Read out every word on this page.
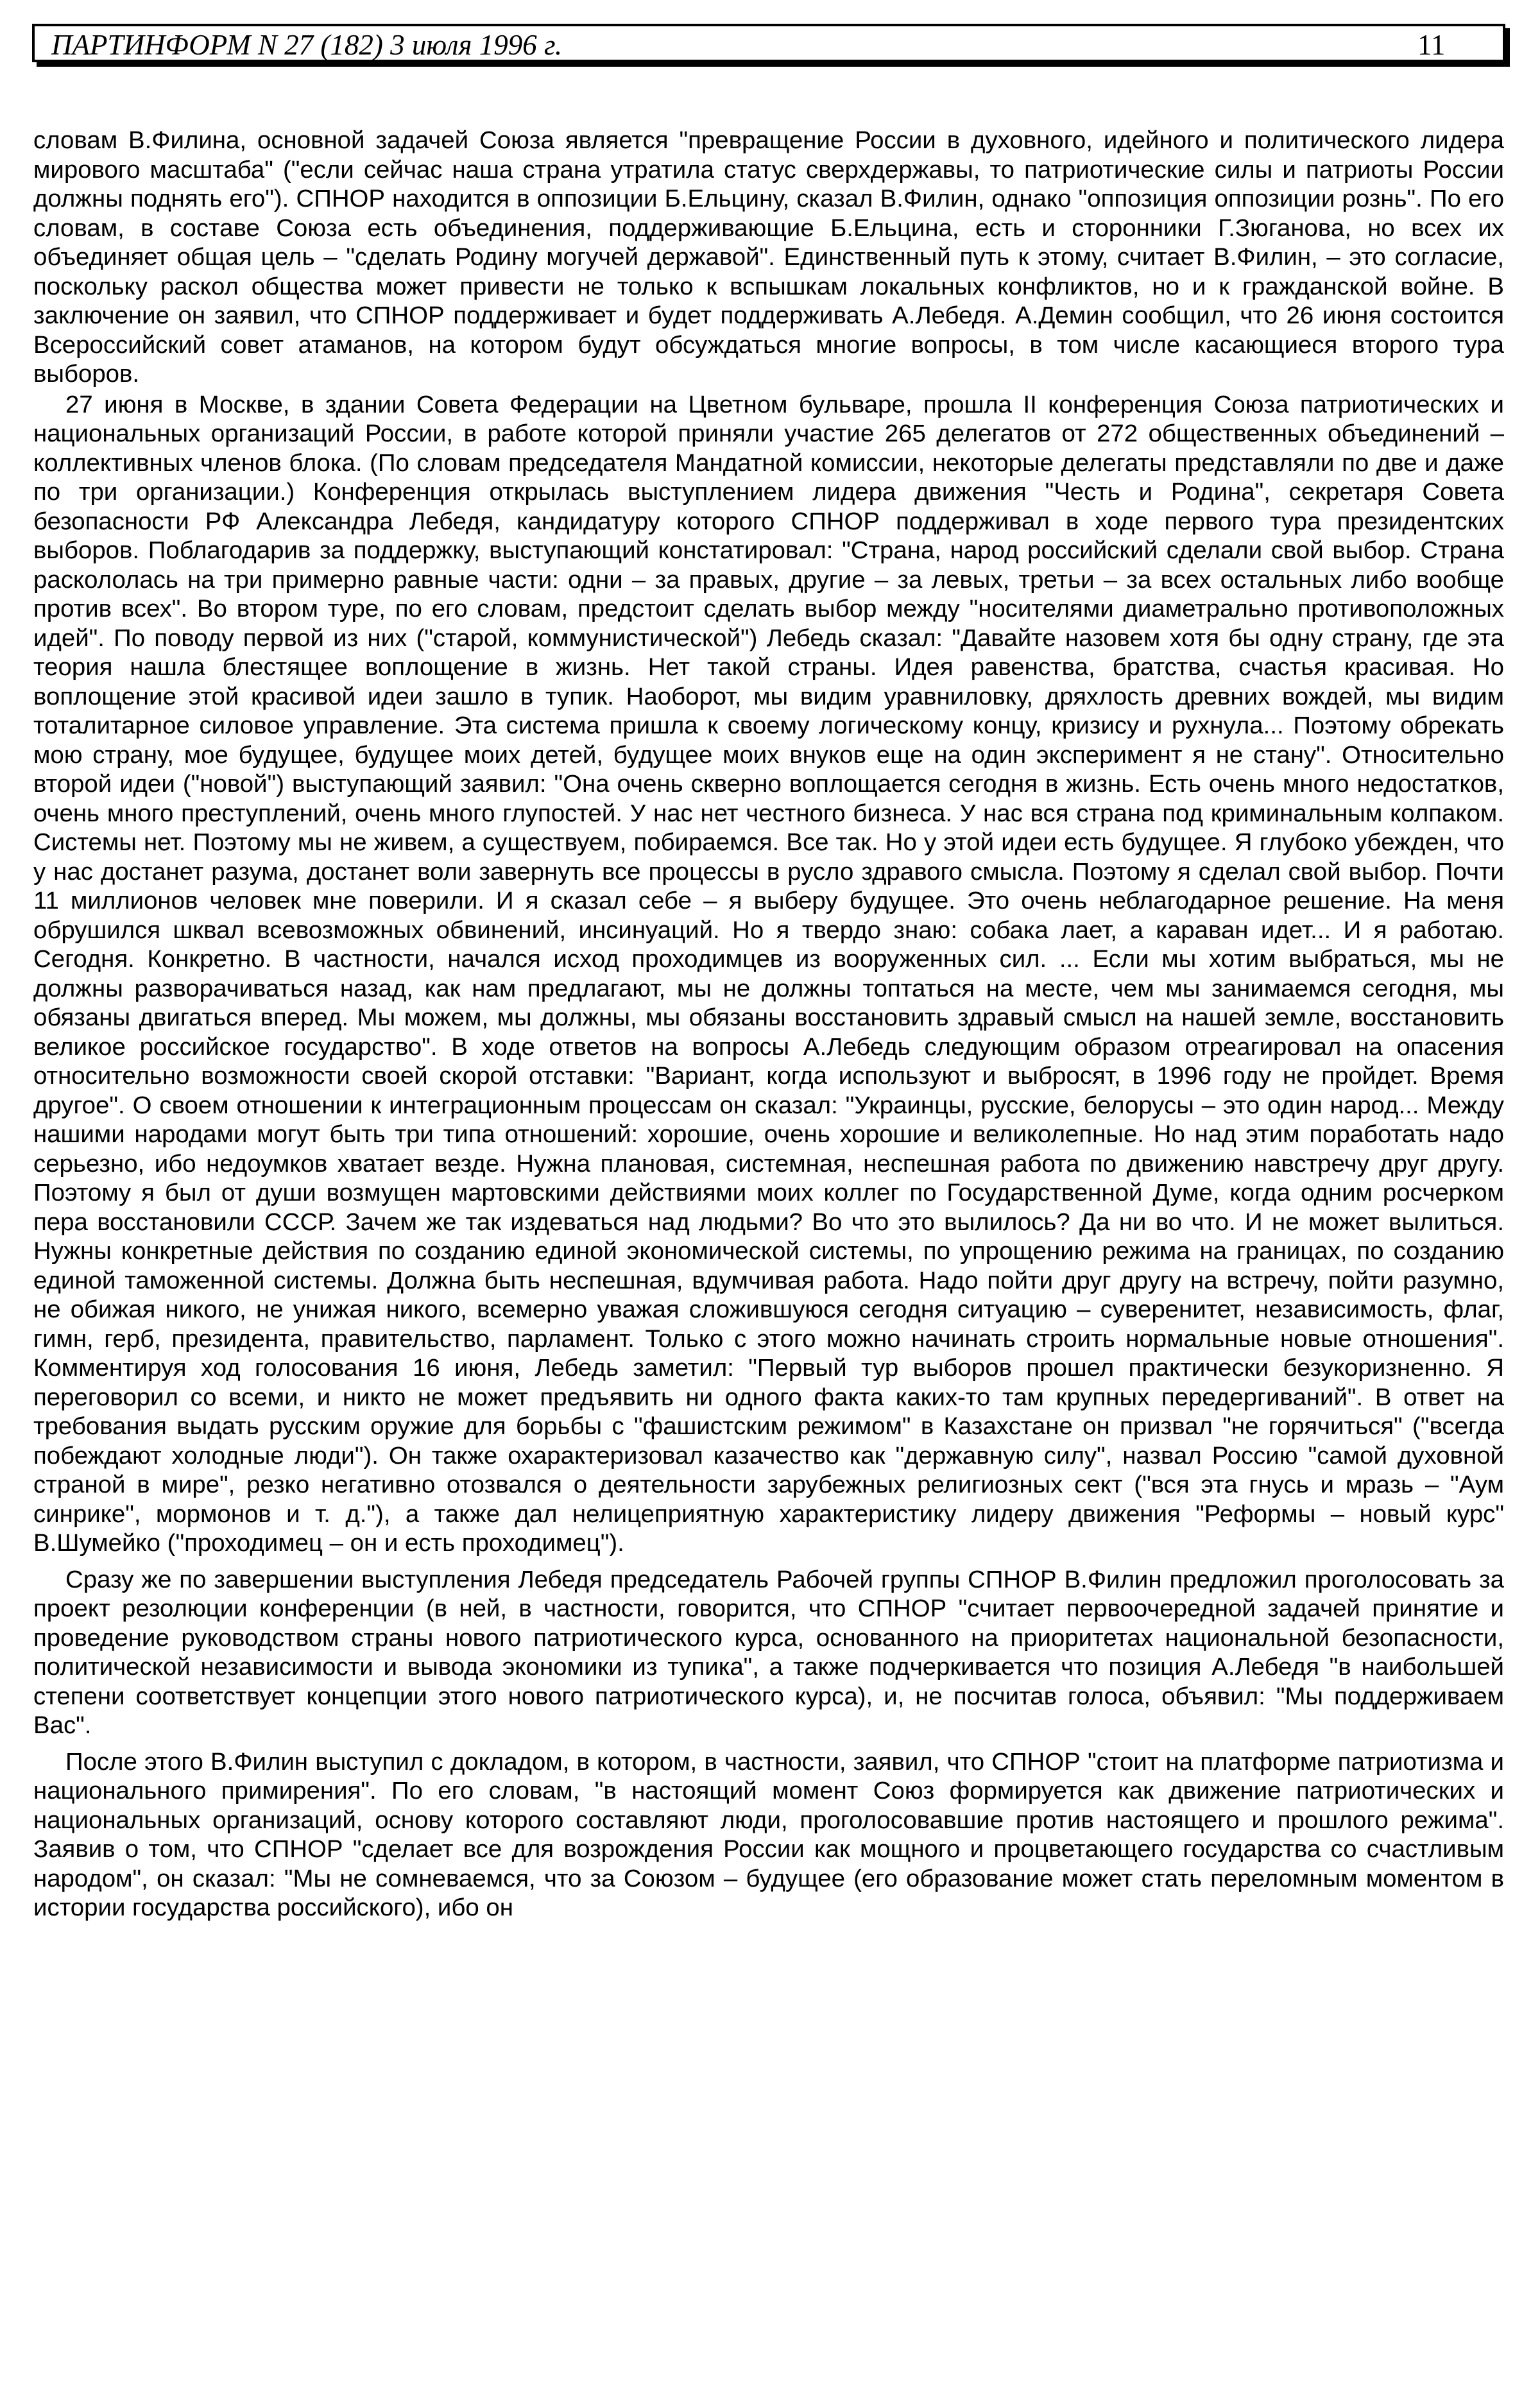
ПАРТИНФОРМ N 27 (182) 3 июля 1996 г.	11

словам В.Филина, основной задачей Союза является "превращение России в духовного, идейного и политического лидера мирового масштаба" ("если сейчас наша страна утратила статус сверхдержавы, то патриотические силы и патриоты России должны поднять его"). СПНОР находится в оппозиции Б.Ельцину, сказал В.Филин, однако "оппозиция оппозиции рознь". По его словам, в составе Союза есть объединения, поддерживающие Б.Ельцина, есть и сторонники Г.Зюганова, но всех их объединяет общая цель – "сделать Родину могучей державой". Единственный путь к этому, считает В.Филин, – это согласие, поскольку раскол общества может привести не только к вспышкам локальных конфликтов, но и к гражданской войне. В заключение он заявил, что СПНОР поддерживает и будет поддерживать А.Лебедя. А.Демин сообщил, что 26 июня состоится Всероссийский совет атаманов, на котором будут обсуждаться многие вопросы, в том числе касающиеся второго тура выборов.

27 июня в Москве, в здании Совета Федерации на Цветном бульваре, прошла II конференция Союза патриотических и национальных организаций России, в работе которой приняли участие 265 делегатов от 272 общественных объединений – коллективных членов блока. (По словам председателя Мандатной комиссии, некоторые делегаты представляли по две и даже по три организации.) Конференция открылась выступлением лидера движения "Честь и Родина", секретаря Совета безопасности РФ Александра Лебедя, кандидатуру которого СПНОР поддерживал в ходе первого тура президентских выборов. Поблагодарив за поддержку, выступающий констатировал: "Страна, народ российский сделали свой выбор. Страна раскололась на три примерно равные части: одни – за правых, другие – за левых, третьи – за всех остальных либо вообще против всех". Во втором туре, по его словам, предстоит сделать выбор между "носителями диаметрально противоположных идей". По поводу первой из них ("старой, коммунистической") Лебедь сказал: "Давайте назовем хотя бы одну страну, где эта теория нашла блестящее воплощение в жизнь. Нет такой страны. Идея равенства, братства, счастья красивая. Но воплощение этой красивой идеи зашло в тупик. Наоборот, мы видим уравниловку, дряхлость древних вождей, мы видим тоталитарное силовое управление. Эта система пришла к своему логическому концу, кризису и рухнула... Поэтому обрекать мою страну, мое будущее, будущее моих детей, будущее моих внуков еще на один эксперимент я не стану". Относительно второй идеи ("новой") выступающий заявил: "Она очень скверно воплощается сегодня в жизнь. Есть очень много недостатков, очень много преступлений, очень много глупостей. У нас нет честного бизнеса. У нас вся страна под криминальным колпаком. Системы нет. Поэтому мы не живем, а существуем, побираемся. Все так. Но у этой идеи есть будущее. Я глубоко убежден, что у нас достанет разума, достанет воли завернуть все процессы в русло здравого смысла. Поэтому я сделал свой выбор. Почти 11 миллионов человек мне поверили. И я сказал себе – я выберу будущее. Это очень неблагодарное решение. На меня обрушился шквал всевозможных обвинений, инсинуаций. Но я твердо знаю: собака лает, а караван идет... И я работаю. Сегодня. Конкретно. В частности, начался исход проходимцев из вооруженных сил. ... Если мы хотим выбраться, мы не должны разворачиваться назад, как нам предлагают, мы не должны топтаться на месте, чем мы занимаемся сегодня, мы обязаны двигаться вперед. Мы можем, мы должны, мы обязаны восстановить здравый смысл на нашей земле, восстановить великое российское государство". В ходе ответов на вопросы А.Лебедь следующим образом отреагировал на опасения относительно возможности своей скорой отставки: "Вариант, когда используют и выбросят, в 1996 году не пройдет. Время другое". О своем отношении к интеграционным процессам он сказал: "Украинцы, русские, белорусы – это один народ... Между нашими народами могут быть три типа отношений: хорошие, очень хорошие и великолепные. Но над этим поработать надо серьезно, ибо недоумков хватает везде. Нужна плановая, системная, неспешная работа по движению навстречу друг другу. Поэтому я был от души возмущен мартовскими действиями моих коллег по Государственной Думе, когда одним росчерком пера восстановили СССР. Зачем же так издеваться над людьми? Во что это вылилось? Да ни во что. И не может вылиться. Нужны конкретные действия по созданию единой экономической системы, по упрощению режима на границах, по созданию единой таможенной системы. Должна быть неспешная, вдумчивая работа. Надо пойти друг другу на встречу, пойти разумно, не обижая никого, не унижая никого, всемерно уважая сложившуюся сегодня ситуацию – суверенитет, независимость, флаг, гимн, герб, президента, правительство, парламент. Только с этого можно начинать строить нормальные новые отношения". Комментируя ход голосования 16 июня, Лебедь заметил: "Первый тур выборов прошел практически безукоризненно. Я переговорил со всеми, и никто не может предъявить ни одного факта каких-то там крупных передергиваний". В ответ на требования выдать русским оружие для борьбы с "фашистским режимом" в Казахстане он призвал "не горячиться" ("всегда побеждают холодные люди"). Он также охарактеризовал казачество как "державную силу", назвал Россию "самой духовной страной в мире", резко негативно отозвался о деятельности зарубежных религиозных сект ("вся эта гнусь и мразь – "Аум синрике", мормонов и т. д."), а также дал нелицеприятную характеристику лидеру движения "Реформы – новый курс" В.Шумейко ("проходимец – он и есть проходимец").

Сразу же по завершении выступления Лебедя председатель Рабочей группы СПНОР В.Филин предложил проголосовать за проект резолюции конференции (в ней, в частности, говорится, что СПНОР "считает первоочередной задачей принятие и проведение руководством страны нового патриотического курса, основанного на приоритетах национальной безопасности, политической независимости и вывода экономики из тупика", а также подчеркивается что позиция А.Лебедя "в наибольшей степени соответствует концепции этого нового патриотического курса), и, не посчитав голоса, объявил: "Мы поддерживаем Вас".

После этого В.Филин выступил с докладом, в котором, в частности, заявил, что СПНОР "стоит на платформе патриотизма и национального примирения". По его словам, "в настоящий момент Союз формируется как движение патриотических и национальных организаций, основу которого составляют люди, проголосовавшие против настоящего и прошлого режима". Заявив о том, что СПНОР "сделает все для возрождения России как мощного и процветающего государства со счастливым народом", он сказал: "Мы не сомневаемся, что за Союзом – будущее (его образование может стать переломным моментом в истории государства российского), ибо он
